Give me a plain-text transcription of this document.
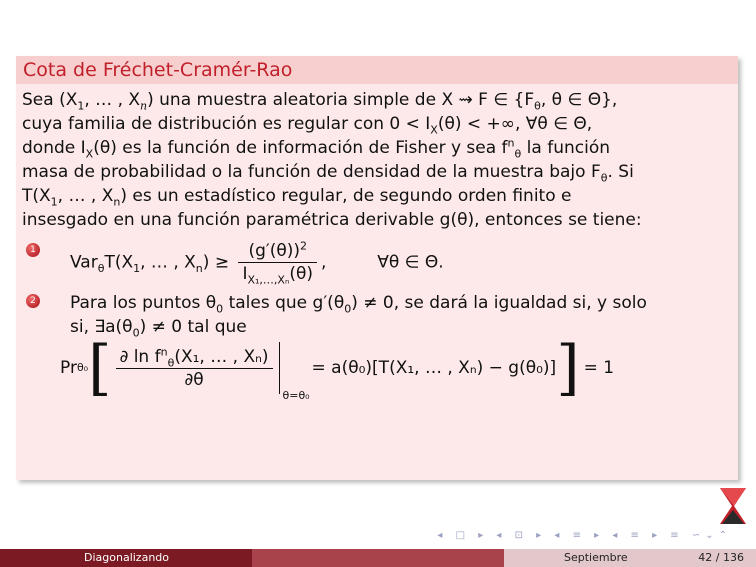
Cota de Fréchet-Cramér-Rao

Sea ($X_1$, … , $X_n$) una muestra aleatoria simple de X ⇝ F ∈ {$F_\theta$, θ ∈ Θ},
cuya familia de distribución es regular con $0 < I_X(\theta)$ < +∞, ∀θ ∈ Θ,
donde $I_X(\theta)$ es la función de información de Fisher y sea $f^n_\theta$ la función
masa de probabilidad o la función de densidad de la muestra bajo $F_\theta$. Si
$T(X_1$, … , $X_n$) es un estadístico regular, de segundo orden finito e
insesgado en una función paramétrica derivable g(θ), entonces se tiene:

1
$Var_\theta T(X_1$, … , $X_n) \ge \frac{(g'(\theta))^2}{I_{X_1,\dots,X_n}(\theta)}$ ,	∀θ ∈ Θ.
2 Para los puntos $\theta_0$ tales que $g'(\theta_0) \ne 0$, se dará la igualdad si, y solo
si, $\exists a(\theta_0) \ne 0$ tal que
Pr θ₀ [ $\frac{\partial \ln f^n_\theta(X_1, \dots , X_n)}{\partial\theta}$
θ=θ₀
= a(θ₀)[T(X₁, … , Xₙ) − g(θ₀)] ] = 1
◂ □ ▸ ◂ ⊡ ▸ ◂ ≡ ▸ ◂ ≡ ▸ ≡ ∽⌄⌃
Diagonalizando	Septiembre	42 / 136
